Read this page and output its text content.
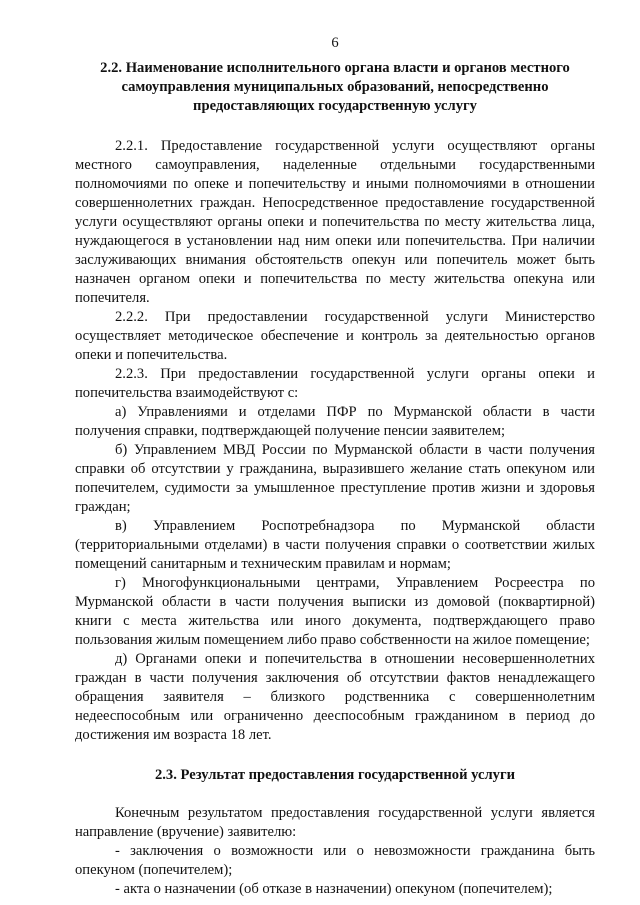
6

2.2. Наименование исполнительного органа власти и органов местного самоуправления муниципальных образований, непосредственно предоставляющих государственную услугу

2.2.1. Предоставление государственной услуги осуществляют органы местного самоуправления, наделенные отдельными государственными полномочиями по опеке и попечительству и иными полномочиями в отношении совершеннолетних граждан. Непосредственное предоставление государственной услуги осуществляют органы опеки и попечительства по месту жительства лица, нуждающегося в установлении над ним опеки или попечительства. При наличии заслуживающих внимания обстоятельств опекун или попечитель может быть назначен органом опеки и попечительства по месту жительства опекуна или попечителя.

2.2.2. При предоставлении государственной услуги Министерство осуществляет методическое обеспечение и контроль за деятельностью органов опеки и попечительства.

2.2.3. При предоставлении государственной услуги органы опеки и попечительства взаимодействуют с:

а) Управлениями и отделами ПФР по Мурманской области в части получения справки, подтверждающей получение пенсии заявителем;

б) Управлением МВД России по Мурманской области в части получения справки об отсутствии у гражданина, выразившего желание стать опекуном или попечителем, судимости за умышленное преступление против жизни и здоровья граждан;

в) Управлением Роспотребнадзора по Мурманской области (территориальными отделами) в части получения справки о соответствии жилых помещений санитарным и техническим правилам и нормам;

г) Многофункциональными центрами, Управлением Росреестра по Мурманской области в части получения выписки из домовой (поквартирной) книги с места жительства или иного документа, подтверждающего право пользования жилым помещением либо право собственности на жилое помещение;

д) Органами опеки и попечительства в отношении несовершеннолетних граждан в части получения заключения об отсутствии фактов ненадлежащего обращения заявителя – близкого родственника с совершеннолетним недееспособным или ограниченно дееспособным гражданином в период до достижения им возраста 18 лет.

2.3. Результат предоставления государственной услуги

Конечным результатом предоставления государственной услуги является направление (вручение) заявителю:

- заключения о возможности или о невозможности гражданина быть опекуном (попечителем);

- акта о назначении (об отказе в назначении) опекуном (попечителем);
